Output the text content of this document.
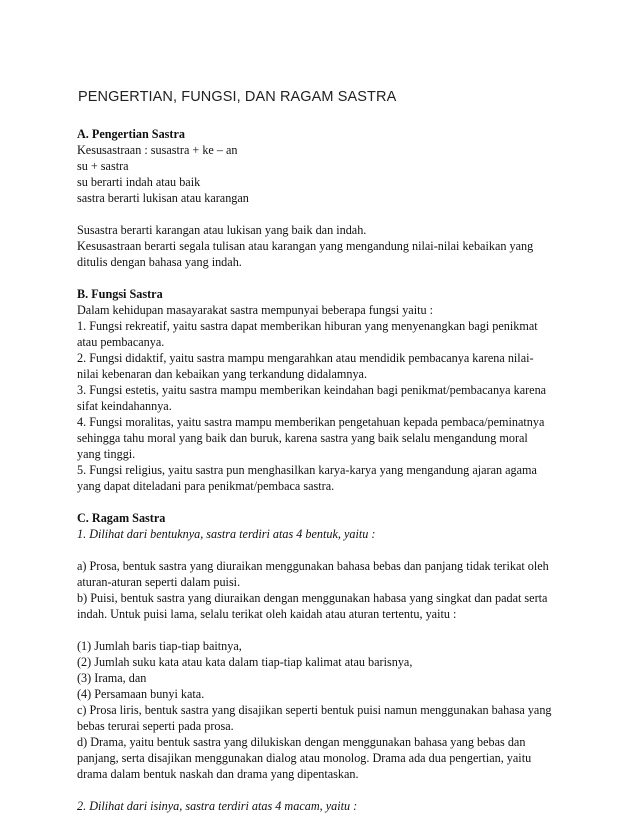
PENGERTIAN, FUNGSI, DAN RAGAM SASTRA
A. Pengertian Sastra
Kesusastraan : susastra + ke – an
su + sastra
su berarti indah atau baik
sastra berarti lukisan atau karangan
Susastra berarti karangan atau lukisan yang baik dan indah.
Kesusastraan berarti segala tulisan atau karangan yang mengandung nilai-nilai kebaikan yang
ditulis dengan bahasa yang indah.
B. Fungsi Sastra
Dalam kehidupan masayarakat sastra mempunyai beberapa fungsi yaitu :
1. Fungsi rekreatif, yaitu sastra dapat memberikan hiburan yang menyenangkan bagi penikmat
atau pembacanya.
2. Fungsi didaktif, yaitu sastra mampu mengarahkan atau mendidik pembacanya karena nilai-
nilai kebenaran dan kebaikan yang terkandung didalamnya.
3. Fungsi estetis, yaitu sastra mampu memberikan keindahan bagi penikmat/pembacanya karena
sifat keindahannya.
4. Fungsi moralitas, yaitu sastra mampu memberikan pengetahuan kepada pembaca/peminatnya
sehingga tahu moral yang baik dan buruk, karena sastra yang baik selalu mengandung moral
yang tinggi.
5. Fungsi religius, yaitu sastra pun menghasilkan karya-karya yang mengandung ajaran agama
yang dapat diteladani para penikmat/pembaca sastra.
C. Ragam Sastra
1. Dilihat dari bentuknya, sastra terdiri atas 4 bentuk, yaitu :
a) Prosa, bentuk sastra yang diuraikan menggunakan bahasa bebas dan panjang tidak terikat oleh
aturan-aturan seperti dalam puisi.
b) Puisi, bentuk sastra yang diuraikan dengan menggunakan habasa yang singkat dan padat serta
indah. Untuk puisi lama, selalu terikat oleh kaidah atau aturan tertentu, yaitu :
(1) Jumlah baris tiap-tiap baitnya,
(2) Jumlah suku kata atau kata dalam tiap-tiap kalimat atau barisnya,
(3) Irama, dan
(4) Persamaan bunyi kata.
c) Prosa liris, bentuk sastra yang disajikan seperti bentuk puisi namun menggunakan bahasa yang
bebas terurai seperti pada prosa.
d) Drama, yaitu bentuk sastra yang dilukiskan dengan menggunakan bahasa yang bebas dan
panjang, serta disajikan menggunakan dialog atau monolog. Drama ada dua pengertian, yaitu
drama dalam bentuk naskah dan drama yang dipentaskan.
2. Dilihat dari isinya, sastra terdiri atas 4 macam, yaitu :
